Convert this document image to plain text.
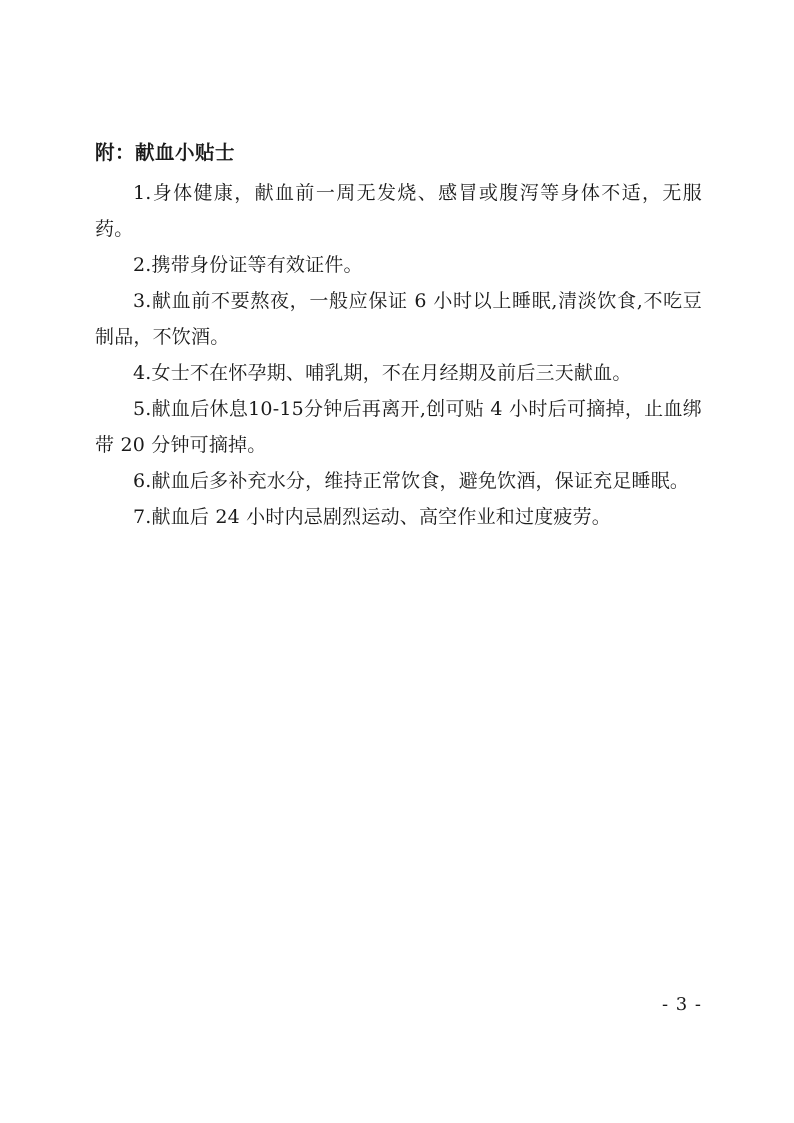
附：献血小贴士

1.身体健康，献血前一周无发烧、感冒或腹泻等身体不适，无服药。

2.携带身份证等有效证件。

3.献血前不要熬夜，一般应保证 6 小时以上睡眠,清淡饮食,不吃豆制品，不饮酒。

4.女士不在怀孕期、哺乳期，不在月经期及前后三天献血。

5.献血后休息10-15分钟后再离开,创可贴 4 小时后可摘掉，止血绑带 20 分钟可摘掉。

6.献血后多补充水分，维持正常饮食，避免饮酒，保证充足睡眠。

7.献血后 24 小时内忌剧烈运动、高空作业和过度疲劳。

- 3 -
